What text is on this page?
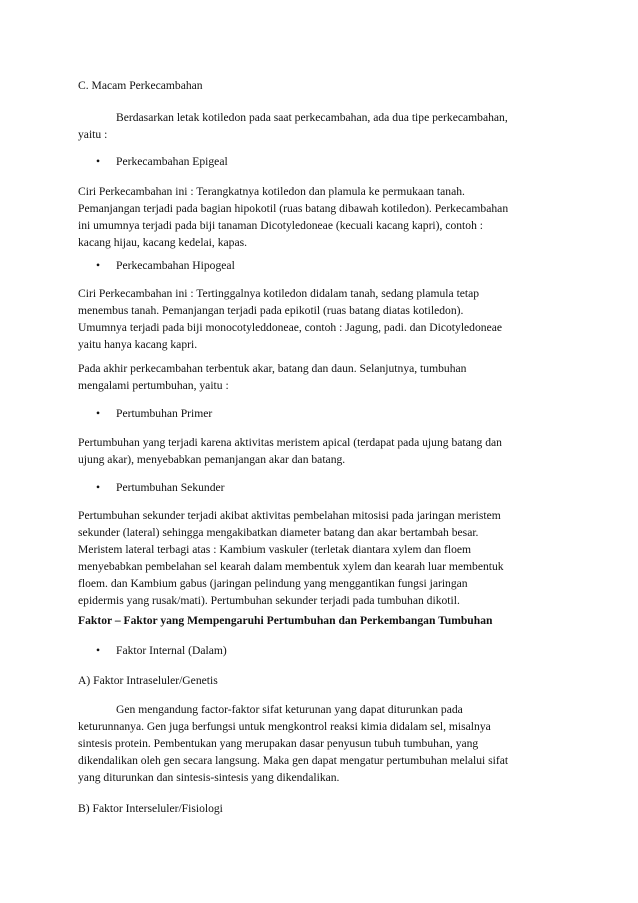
C. Macam Perkecambahan

Berdasarkan letak kotiledon pada saat perkecambahan, ada dua tipe perkecambahan,
yaitu :

• Perkecambahan Epigeal

Ciri Perkecambahan ini : Terangkatnya kotiledon dan plamula ke permukaan tanah.
Pemanjangan terjadi pada bagian hipokotil (ruas batang dibawah kotiledon). Perkecambahan
ini umumnya terjadi pada biji tanaman Dicotyledoneae (kecuali kacang kapri), contoh :
kacang hijau, kacang kedelai, kapas.

• Perkecambahan Hipogeal

Ciri Perkecambahan ini : Tertinggalnya kotiledon didalam tanah, sedang plamula tetap
menembus tanah. Pemanjangan terjadi pada epikotil (ruas batang diatas kotiledon).
Umumnya terjadi pada biji monocotyleddoneae, contoh : Jagung, padi. dan Dicotyledoneae
yaitu hanya kacang kapri.

Pada akhir perkecambahan terbentuk akar, batang dan daun. Selanjutnya, tumbuhan
mengalami pertumbuhan, yaitu :

• Pertumbuhan Primer

Pertumbuhan yang terjadi karena aktivitas meristem apical (terdapat pada ujung batang dan
ujung akar), menyebabkan pemanjangan akar dan batang.

• Pertumbuhan Sekunder

Pertumbuhan sekunder terjadi akibat aktivitas pembelahan mitosisi pada jaringan meristem
sekunder (lateral) sehingga mengakibatkan diameter batang dan akar bertambah besar.
Meristem lateral terbagi atas : Kambium vaskuler (terletak diantara xylem dan floem
menyebabkan pembelahan sel kearah dalam membentuk xylem dan kearah luar membentuk
floem. dan Kambium gabus (jaringan pelindung yang menggantikan fungsi jaringan
epidermis yang rusak/mati). Pertumbuhan sekunder terjadi pada tumbuhan dikotil.

Faktor – Faktor yang Mempengaruhi Pertumbuhan dan Perkembangan Tumbuhan

• Faktor Internal (Dalam)

A) Faktor Intraseluler/Genetis

Gen mengandung factor-faktor sifat keturunan yang dapat diturunkan pada
keturunnanya. Gen juga berfungsi untuk mengkontrol reaksi kimia didalam sel, misalnya
sintesis protein. Pembentukan yang merupakan dasar penyusun tubuh tumbuhan, yang
dikendalikan oleh gen secara langsung. Maka gen dapat mengatur pertumbuhan melalui sifat
yang diturunkan dan sintesis-sintesis yang dikendalikan.

B) Faktor Interseluler/Fisiologi
